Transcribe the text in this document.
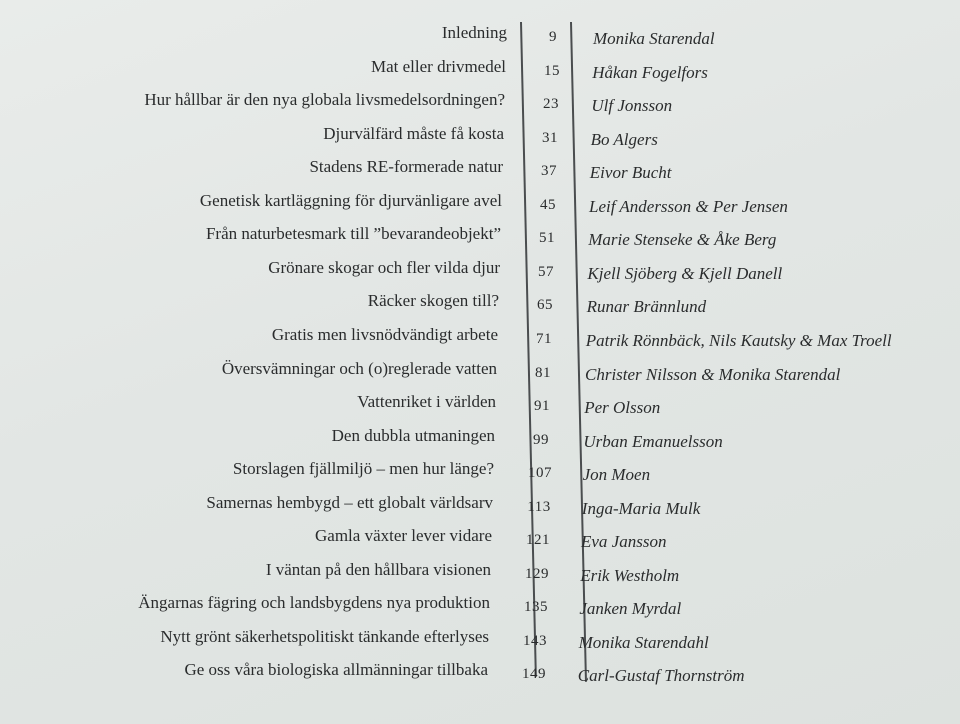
Inledning	9	Monika Starendal
Mat eller drivmedel	15	Håkan Fogelfors
Hur hållbar är den nya globala livsmedelsordningen?	23	Ulf Jonsson
Djurvälfärd måste få kosta	31	Bo Algers
Stadens RE-formerade natur	37	Eivor Bucht
Genetisk kartläggning för djurvänligare avel	45	Leif Andersson & Per Jensen
Från naturbetesmark till ”bevarandeobjekt”	51	Marie Stenseke & Åke Berg
Grönare skogar och fler vilda djur	57	Kjell Sjöberg & Kjell Danell
Räcker skogen till?	65	Runar Brännlund
Gratis men livsnödvändigt arbete	71	Patrik Rönnbäck, Nils Kautsky & Max Troell
Översvämningar och (o)reglerade vatten	81	Christer Nilsson & Monika Starendal
Vattenriket i världen	91	Per Olsson
Den dubbla utmaningen	99	Urban Emanuelsson
Storslagen fjällmiljö – men hur länge?	107	Jon Moen
Samernas hembygd – ett globalt världsarv	113	Inga-Maria Mulk
Gamla växter lever vidare	121	Eva Jansson
I väntan på den hållbara visionen	129	Erik Westholm
Ängarnas fägring och landsbygdens nya produktion	135	Janken Myrdal
Nytt grönt säkerhetspolitiskt tänkande efterlyses	143	Monika Starendahl
Ge oss våra biologiska allmänningar tillbaka	149	Carl-Gustaf Thornström
